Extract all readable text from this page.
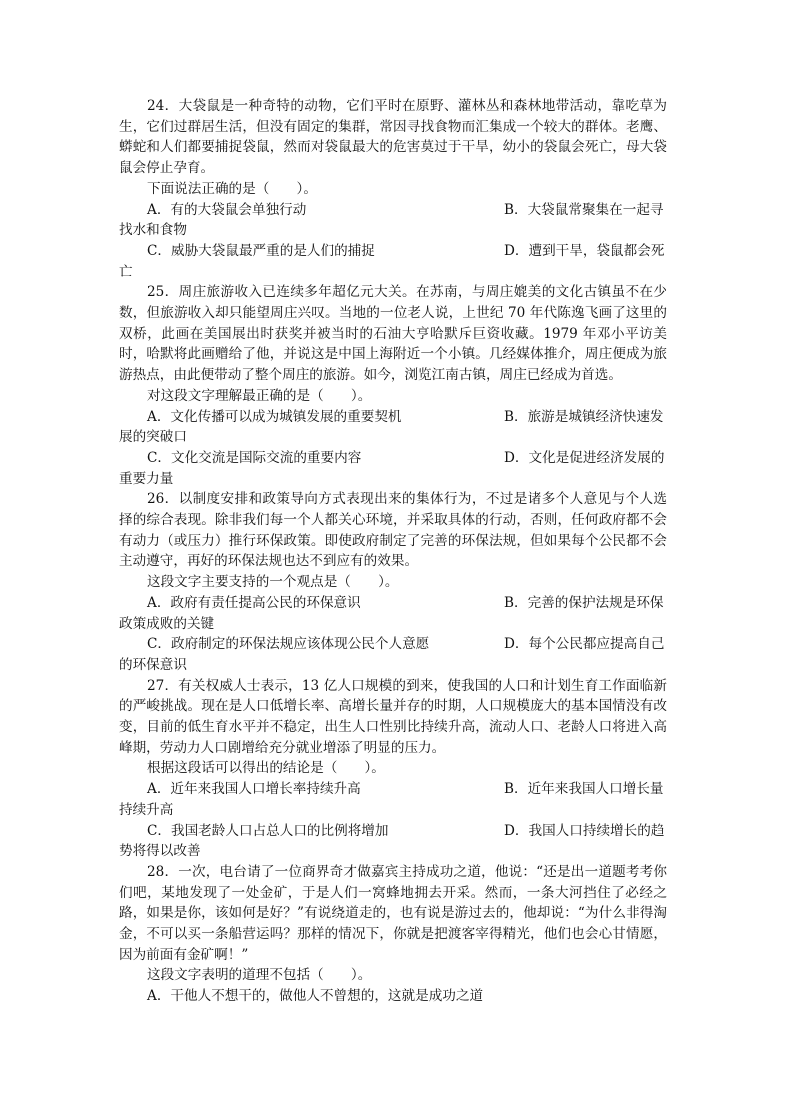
24．大袋鼠是一种奇特的动物，它们平时在原野、灌林丛和森林地带活动，靠吃草为生，它们过群居生活，但没有固定的集群，常因寻找食物而汇集成一个较大的群体。老鹰、蟒蛇和人们都要捕捉袋鼠，然而对袋鼠最大的危害莫过于干旱，幼小的袋鼠会死亡，母大袋鼠会停止孕育。

下面说法正确的是（　　）。

A．有的大袋鼠会单独行动	B．大袋鼠常聚集在一起寻

找水和食物

C．威胁大袋鼠最严重的是人们的捕捉	D．遭到干旱，袋鼠都会死

亡

25．周庄旅游收入已连续多年超亿元大关。在苏南，与周庄媲美的文化古镇虽不在少数，但旅游收入却只能望周庄兴叹。当地的一位老人说，上世纪 70 年代陈逸飞画了这里的双桥，此画在美国展出时获奖并被当时的石油大亨哈默斥巨资收藏。1979 年邓小平访美时，哈默将此画赠给了他，并说这是中国上海附近一个小镇。几经媒体推介，周庄便成为旅游热点，由此便带动了整个周庄的旅游。如今，浏览江南古镇，周庄已经成为首选。

对这段文字理解最正确的是（　　）。

A．文化传播可以成为城镇发展的重要契机	B．旅游是城镇经济快速发

展的突破口

C．文化交流是国际交流的重要内容	D．文化是促进经济发展的

重要力量

26．以制度安排和政策导向方式表现出来的集体行为，不过是诸多个人意见与个人选择的综合表现。除非我们每一个人都关心环境，并采取具体的行动，否则，任何政府都不会有动力（或压力）推行环保政策。即使政府制定了完善的环保法规，但如果每个公民都不会主动遵守，再好的环保法规也达不到应有的效果。

这段文字主要支持的一个观点是（　　）。

A．政府有责任提高公民的环保意识	B．完善的保护法规是环保

政策成败的关键

C．政府制定的环保法规应该体现公民个人意愿	D．每个公民都应提高自己

的环保意识

27．有关权威人士表示，13 亿人口规模的到来，使我国的人口和计划生育工作面临新的严峻挑战。现在是人口低增长率、高增长量并存的时期，人口规模庞大的基本国情没有改变，目前的低生育水平并不稳定，出生人口性别比持续升高，流动人口、老龄人口将进入高峰期，劳动力人口剧增给充分就业增添了明显的压力。

根据这段话可以得出的结论是（　　）。

A．近年来我国人口增长率持续升高	B．近年来我国人口增长量

持续升高

C．我国老龄人口占总人口的比例将增加	D．我国人口持续增长的趋

势将得以改善

28．一次，电台请了一位商界奇才做嘉宾主持成功之道，他说：“还是出一道题考考你们吧，某地发现了一处金矿，于是人们一窝蜂地拥去开采。然而，一条大河挡住了必经之路，如果是你，该如何是好？”有说绕道走的，也有说是游过去的，他却说：“为什么非得淘金，不可以买一条船营运吗？那样的情况下，你就是把渡客宰得精光，他们也会心甘情愿，因为前面有金矿啊！”

这段文字表明的道理不包括（　　）。

A．干他人不想干的，做他人不曾想的，这就是成功之道
